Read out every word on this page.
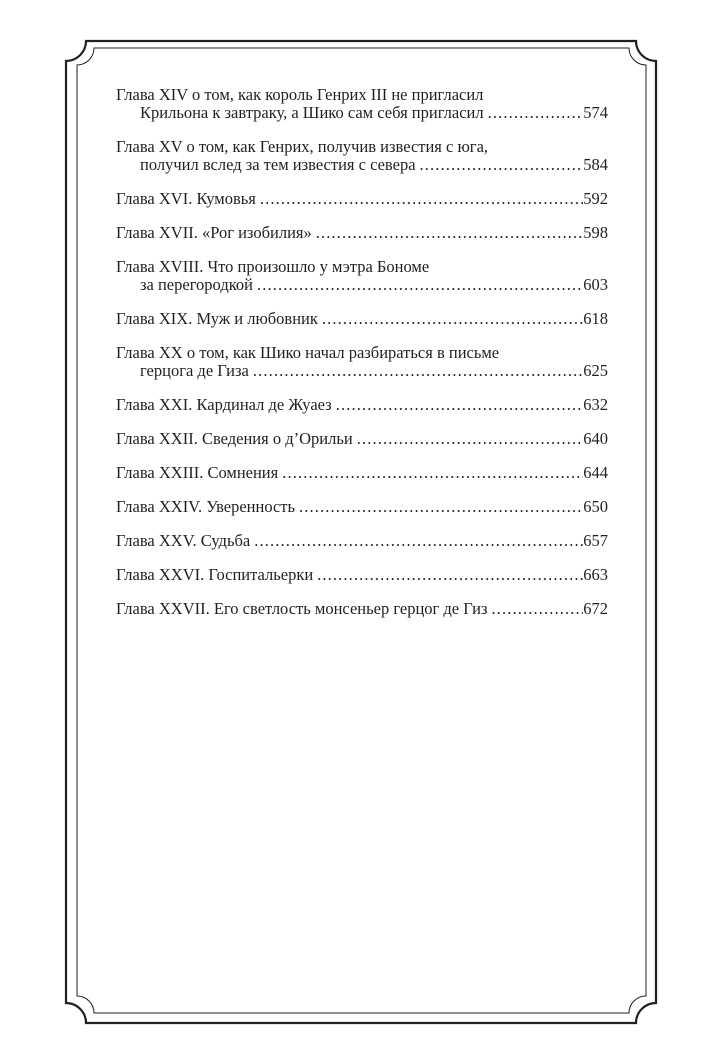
Глава XIV о том, как король Генрих III не пригласил
Крильона к завтраку, а Шико сам себя пригласил . . .	574
Глава XV о том, как Генрих, получив известия с юга,
получил вслед за тем известия с севера . . .	584
Глава XVI. Кумовья . . .	592
Глава XVII. «Рог изобилия» . . .	598
Глава XVIII. Что произошло у мэтра Бономе
за перегородкой . . .	603
Глава XIX. Муж и любовник . . .	618
Глава XX о том, как Шико начал разбираться в письме
герцога де Гиза . . .	625
Глава XXI. Кардинал де Жуаез . . .	632
Глава XXII. Сведения о д’Орильи . . .	640
Глава XXIII. Сомнения . . .	644
Глава XXIV. Уверенность . . .	650
Глава XXV. Судьба . . .	657
Глава XXVI. Госпитальерки . . .	663
Глава XXVII. Его светлость монсеньер герцог де Гиз . . .	672
